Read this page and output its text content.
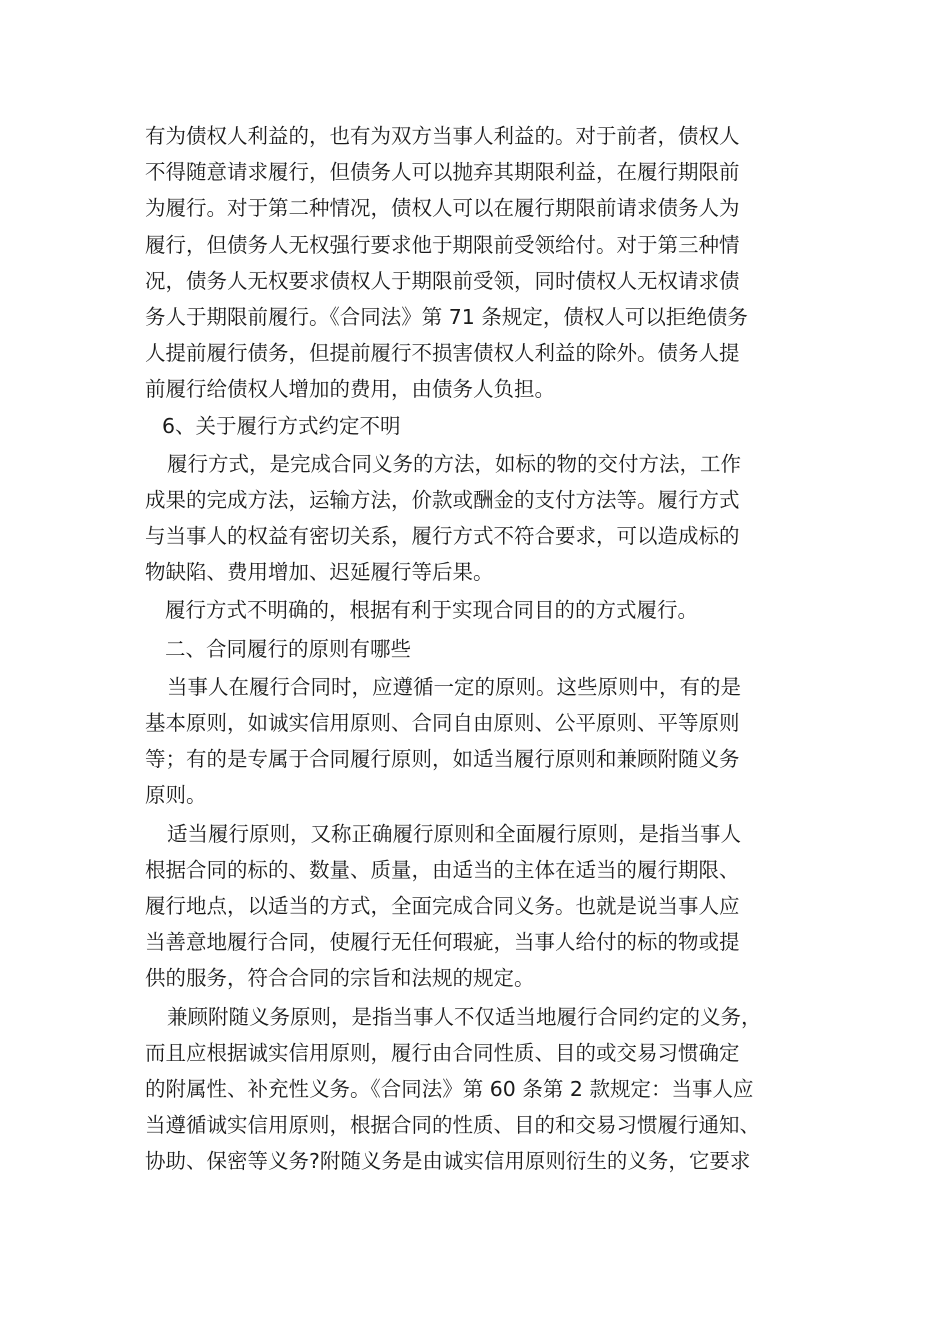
有为债权人利益的，也有为双方当事人利益的。对于前者，债权人
不得随意请求履行，但债务人可以抛弃其期限利益，在履行期限前
为履行。对于第二种情况，债权人可以在履行期限前请求债务人为
履行，但债务人无权强行要求他于期限前受领给付。对于第三种情
况，债务人无权要求债权人于期限前受领，同时债权人无权请求债
务人于期限前履行。《合同法》第 71 条规定，债权人可以拒绝债务
人提前履行债务，但提前履行不损害债权人利益的除外。债务人提
前履行给债权人增加的费用，由债务人负担。
6、关于履行方式约定不明
履行方式，是完成合同义务的方法，如标的物的交付方法，工作
成果的完成方法，运输方法，价款或酬金的支付方法等。履行方式
与当事人的权益有密切关系，履行方式不符合要求，可以造成标的
物缺陷、费用增加、迟延履行等后果。
履行方式不明确的，根据有利于实现合同目的的方式履行。
二、合同履行的原则有哪些
当事人在履行合同时，应遵循一定的原则。这些原则中，有的是
基本原则，如诚实信用原则、合同自由原则、公平原则、平等原则
等；有的是专属于合同履行原则，如适当履行原则和兼顾附随义务
原则。
适当履行原则，又称正确履行原则和全面履行原则，是指当事人
根据合同的标的、数量、质量，由适当的主体在适当的履行期限、
履行地点，以适当的方式，全面完成合同义务。也就是说当事人应
当善意地履行合同，使履行无任何瑕疵，当事人给付的标的物或提
供的服务，符合合同的宗旨和法规的规定。
兼顾附随义务原则，是指当事人不仅适当地履行合同约定的义务，
而且应根据诚实信用原则，履行由合同性质、目的或交易习惯确定
的附属性、补充性义务。《合同法》第 60 条第 2 款规定：当事人应
当遵循诚实信用原则，根据合同的性质、目的和交易习惯履行通知、
协助、保密等义务?附随义务是由诚实信用原则衍生的义务，它要求
